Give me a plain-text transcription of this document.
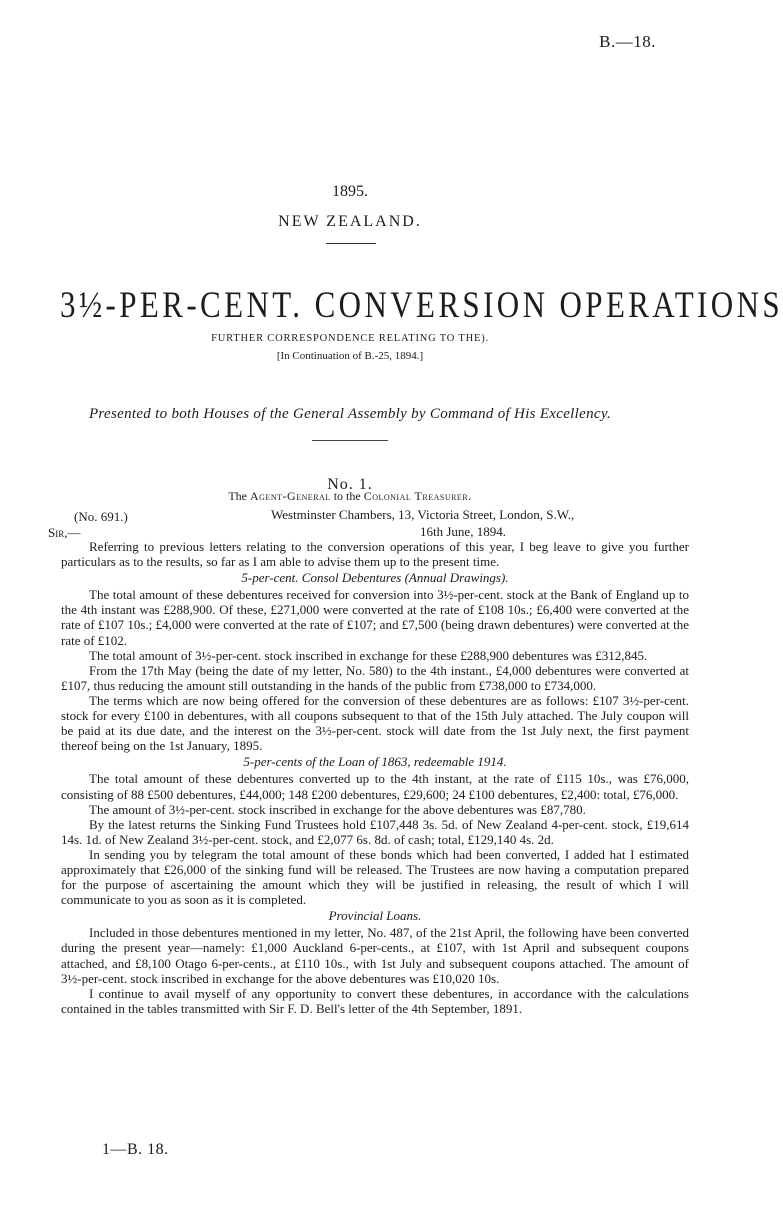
B.—18.
1895.
NEW ZEALAND.
3½-PER-CENT. CONVERSION OPERATIONS
FURTHER CORRESPONDENCE RELATING TO THE).
[In Continuation of B.-25, 1894.]
Presented to both Houses of the General Assembly by Command of His Excellency.
No. 1.
The Agent-General to the Colonial Treasurer.
(No. 691.)	Westminster Chambers, 13, Victoria Street, London, S.W.,
16th June, 1894.
Sir,—

Referring to previous letters relating to the conversion operations of this year, I beg leave to give you further particulars as to the results, so far as I am able to advise them up to the present time.

5-per-cent. Consol Debentures (Annual Drawings).

The total amount of these debentures received for conversion into 3½-per-cent. stock at the Bank of England up to the 4th instant was £288,900. Of these, £271,000 were converted at the rate of £108 10s.; £6,400 were converted at the rate of £107 10s.; £4,000 were converted at the rate of £107; and £7,500 (being drawn debentures) were converted at the rate of £102.

The total amount of 3½-per-cent. stock inscribed in exchange for these £288,900 debentures was £312,845.

From the 17th May (being the date of my letter, No. 580) to the 4th instant., £4,000 debentures were converted at £107, thus reducing the amount still outstanding in the hands of the public from £738,000 to £734,000.

The terms which are now being offered for the conversion of these debentures are as follows: £107 3½-per-cent. stock for every £100 in debentures, with all coupons subsequent to that of the 15th July attached. The July coupon will be paid at its due date, and the interest on the 3½-per-cent. stock will date from the 1st July next, the first payment thereof being on the 1st January, 1895.

5-per-cents of the Loan of 1863, redeemable 1914.

The total amount of these debentures converted up to the 4th instant, at the rate of £115 10s., was £76,000, consisting of 88 £500 debentures, £44,000; 148 £200 debentures, £29,600; 24 £100 debentures, £2,400: total, £76,000.

The amount of 3½-per-cent. stock inscribed in exchange for the above debentures was £87,780.

By the latest returns the Sinking Fund Trustees hold £107,448 3s. 5d. of New Zealand 4-per-cent. stock, £19,614 14s. 1d. of New Zealand 3½-per-cent. stock, and £2,077 6s. 8d. of cash; total, £129,140 4s. 2d.

In sending you by telegram the total amount of these bonds which had been converted, I added hat I estimated approximately that £26,000 of the sinking fund will be released. The Trustees are now having a computation prepared for the purpose of ascertaining the amount which they will be justified in releasing, the result of which I will communicate to you as soon as it is completed.

Provincial Loans.

Included in those debentures mentioned in my letter, No. 487, of the 21st April, the following have been converted during the present year—namely: £1,000 Auckland 6-per-cents., at £107, with 1st April and subsequent coupons attached, and £8,100 Otago 6-per-cents., at £110 10s., with 1st July and subsequent coupons attached. The amount of 3½-per-cent. stock inscribed in exchange for the above debentures was £10,020 10s.

I continue to avail myself of any opportunity to convert these debentures, in accordance with the calculations contained in the tables transmitted with Sir F. D. Bell's letter of the 4th September, 1891.

1—B. 18.
